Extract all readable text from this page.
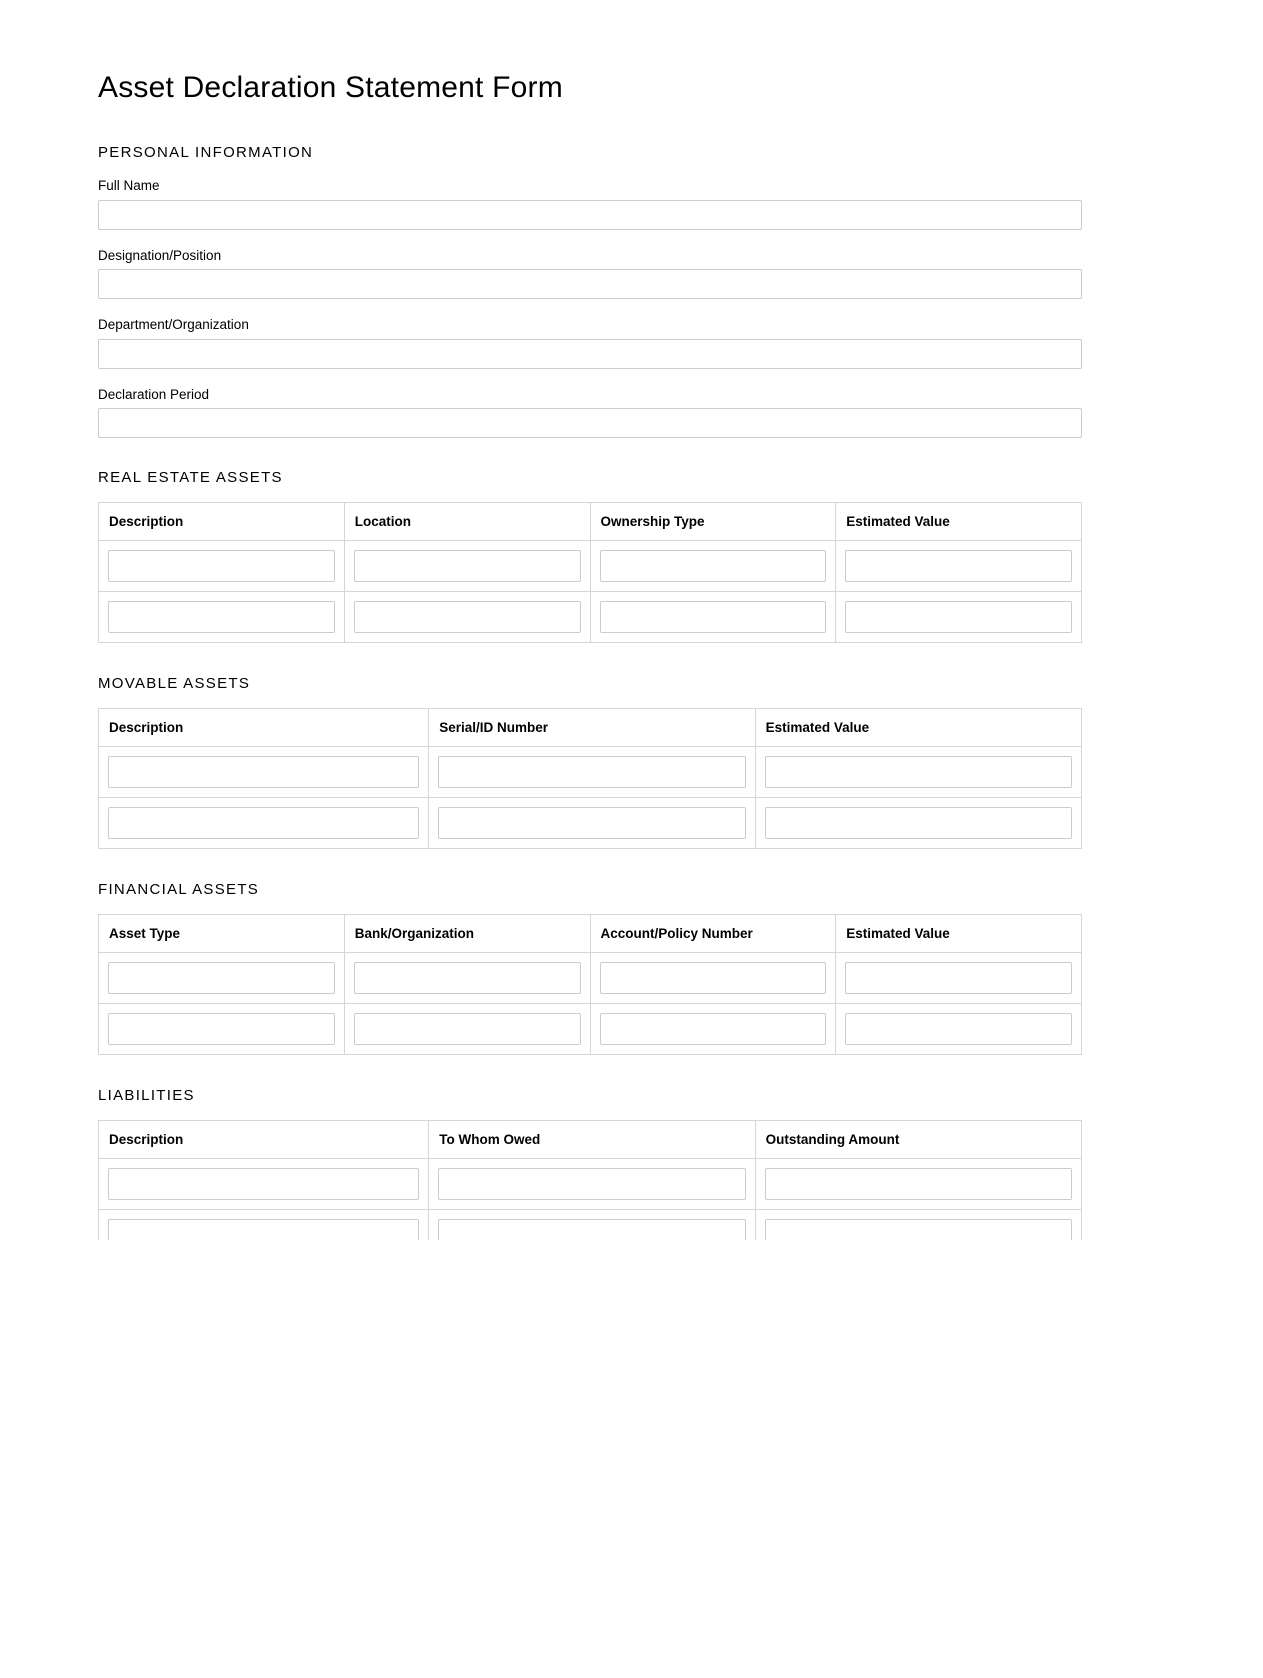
Asset Declaration Statement Form
PERSONAL INFORMATION
Full Name
Designation/Position
Department/Organization
Declaration Period
REAL ESTATE ASSETS
Description	Location	Ownership Type	Estimated Value

MOVABLE ASSETS
Description	Serial/ID Number	Estimated Value

FINANCIAL ASSETS
Asset Type	Bank/Organization	Account/Policy Number	Estimated Value

LIABILITIES
Description	To Whom Owed	Outstanding Amount
